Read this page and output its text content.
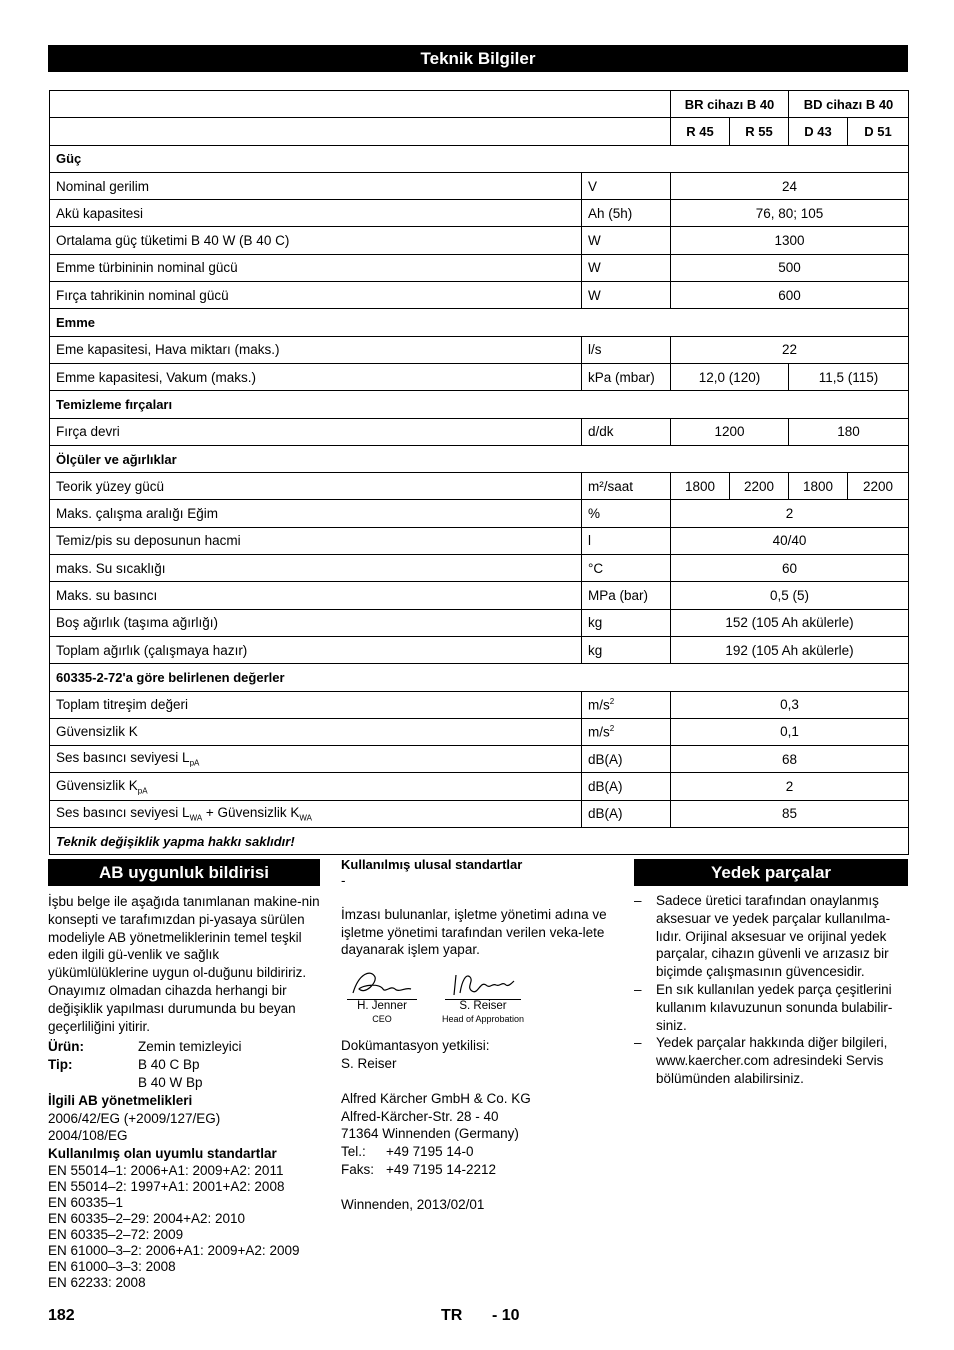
Teknik Bilgiler
		BR cihazı B 40		BD cihazı B 40	
		R 45	R 55	D 43	D 51
Güç					
Nominal gerilim	V	24			
Akü kapasitesi	Ah (5h)	76, 80; 105			
Ortalama güç tüketimi B 40 W (B 40 C)	W	1300			
Emme türbininin nominal gücü	W	500			
Fırça tahrikinin nominal gücü	W	600			
Emme					
Eme kapasitesi, Hava miktarı (maks.)	l/s	22			
Emme kapasitesi, Vakum (maks.)	kPa (mbar)	12,0 (120)		11,5 (115)	
Temizleme fırçaları					
Fırça devri	d/dk	1200		180	
Ölçüler ve ağırlıklar					
Teorik yüzey gücü	m²/saat	1800	2200	1800	2200
Maks. çalışma aralığı Eğim	%	2			
Temiz/pis su deposunun hacmi	l	40/40			
maks. Su sıcaklığı	°C	60			
Maks. su basıncı	MPa (bar)	0,5 (5)			
Boş ağırlık (taşıma ağırlığı)	kg	152 (105 Ah akülerle)			
Toplam ağırlık (çalışmaya hazır)	kg	192 (105 Ah akülerle)			
60335-2-72'a göre belirlenen değerler					
Toplam titreşim değeri	$m/s^2$	0,3			
Güvensizlik K	$m/s^2$	0,1			
Ses basıncı seviyesi $L_{pA}$	dB(A)	68			
Güvensizlik $K_{pA}$	dB(A)	2			
Ses basıncı seviyesi $L_{WA}$ + Güvensizlik $K_{WA}$	dB(A)	85			
Teknik değişiklik yapma hakkı saklıdır!					
AB uygunluk bildirisi

İşbu belge ile aşağıda tanımlanan makine-nin konsepti ve tarafımızdan pi-yasaya sürülen modeliyle AB yönetmeliklerinin temel teşkil eden ilgili gü-venlik ve sağlık yükümlülüklerine uygun ol-duğunu bildiririz. Onayımız olmadan cihazda herhangi bir değişiklik yapılması durumunda bu beyan geçerliliğini yitirir.

Ürün:	Zemin temizleyici
Tip:	B 40 C Bp
B 40 W Bp
İlgili AB yönetmelikleri
2006/42/EG (+2009/127/EG)
2004/108/EG
Kullanılmış olan uyumlu standartlar
EN 55014–1: 2006+A1: 2009+A2: 2011
EN 55014–2: 1997+A1: 2001+A2: 2008
EN 60335–1
EN 60335–2–29: 2004+A2: 2010
EN 60335–2–72: 2009
EN 61000–3–2: 2006+A1: 2009+A2: 2009
EN 61000–3–3: 2008
EN 62233: 2008
Kullanılmış ulusal standartlar
-

İmzası bulunanlar, işletme yönetimi adına ve işletme yönetimi tarafından verilen veka-lete dayanarak işlem yapar.

H. Jenner
CEO
S. Reiser
Head of Approbation
Dokümantasyon yetkilisi:
S. Reiser
Alfred Kärcher GmbH & Co. KG
Alfred-Kärcher-Str. 28 - 40
71364 Winnenden (Germany)
Tel.:	+49 7195 14-0
Faks: +49 7195 14-2212
Winnenden, 2013/02/01
Yedek parçalar
–	Sadece üretici tarafından onaylanmış aksesuar ve yedek parçalar kullanılma-lıdır. Orijinal aksesuar ve orijinal yedek parçalar, cihazın güvenli ve arızasız bir biçimde çalışmasının güvencesidir.
–	En sık kullanılan yedek parça çeşitlerini kullanım kılavuzunun sonunda bulabilir-siniz.
–	Yedek parçalar hakkında diğer bilgileri, www.kaercher.com adresindeki Servis bölümünden alabilirsiniz.
182	TR - 10
